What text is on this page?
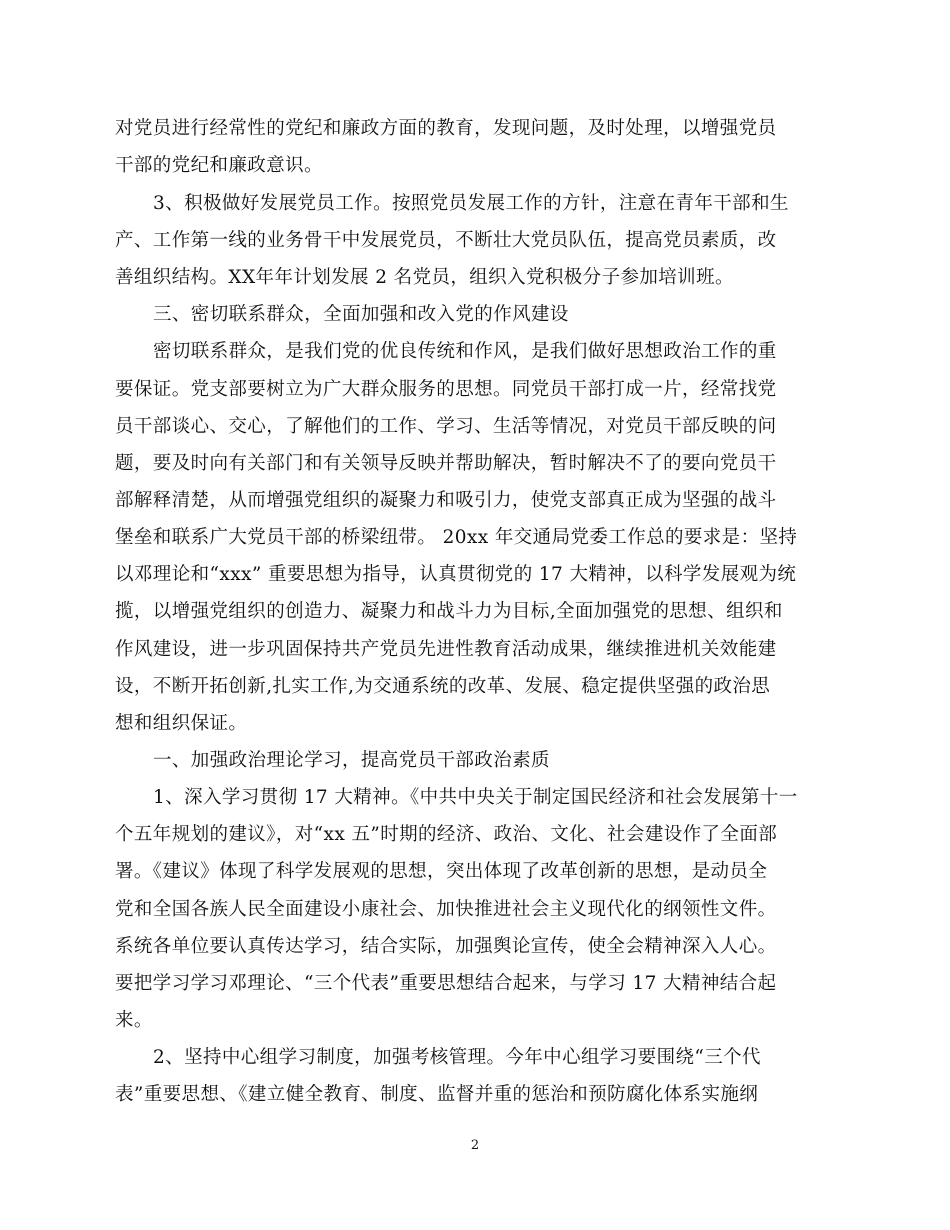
对党员进行经常性的党纪和廉政方面的教育，发现问题，及时处理，以增强党员
干部的党纪和廉政意识。
3、积极做好发展党员工作。按照党员发展工作的方针，注意在青年干部和生
产、工作第一线的业务骨干中发展党员，不断壮大党员队伍，提高党员素质，改
善组织结构。XX年年计划发展 2 名党员，组织入党积极分子参加培训班。
三、密切联系群众，全面加强和改入党的作风建设
密切联系群众，是我们党的优良传统和作风，是我们做好思想政治工作的重
要保证。党支部要树立为广大群众服务的思想。同党员干部打成一片，经常找党
员干部谈心、交心，了解他们的工作、学习、生活等情况，对党员干部反映的问
题，要及时向有关部门和有关领导反映并帮助解决，暂时解决不了的要向党员干
部解释清楚，从而增强党组织的凝聚力和吸引力，使党支部真正成为坚强的战斗
堡垒和联系广大党员干部的桥梁纽带。 20xx 年交通局党委工作总的要求是：坚持
以邓理论和“xxx” 重要思想为指导，认真贯彻党的 17 大精神，以科学发展观为统
揽，以增强党组织的创造力、凝聚力和战斗力为目标,全面加强党的思想、组织和
作风建设，进一步巩固保持共产党员先进性教育活动成果，继续推进机关效能建
设，不断开拓创新,扎实工作,为交通系统的改革、发展、稳定提供坚强的政治思
想和组织保证。
一、加强政治理论学习，提高党员干部政治素质
1、深入学习贯彻 17 大精神。《中共中央关于制定国民经济和社会发展第十一
个五年规划的建议》，对“xx 五”时期的经济、政治、文化、社会建设作了全面部
署。《建议》体现了科学发展观的思想，突出体现了改革创新的思想，是动员全
党和全国各族人民全面建设小康社会、加快推进社会主义现代化的纲领性文件。
系统各单位要认真传达学习，结合实际，加强舆论宣传，使全会精神深入人心。
要把学习学习邓理论、“三个代表”重要思想结合起来，与学习 17 大精神结合起
来。
2、坚持中心组学习制度，加强考核管理。今年中心组学习要围绕“三个代
表”重要思想、《建立健全教育、制度、监督并重的惩治和预防腐化体系实施纲
2
